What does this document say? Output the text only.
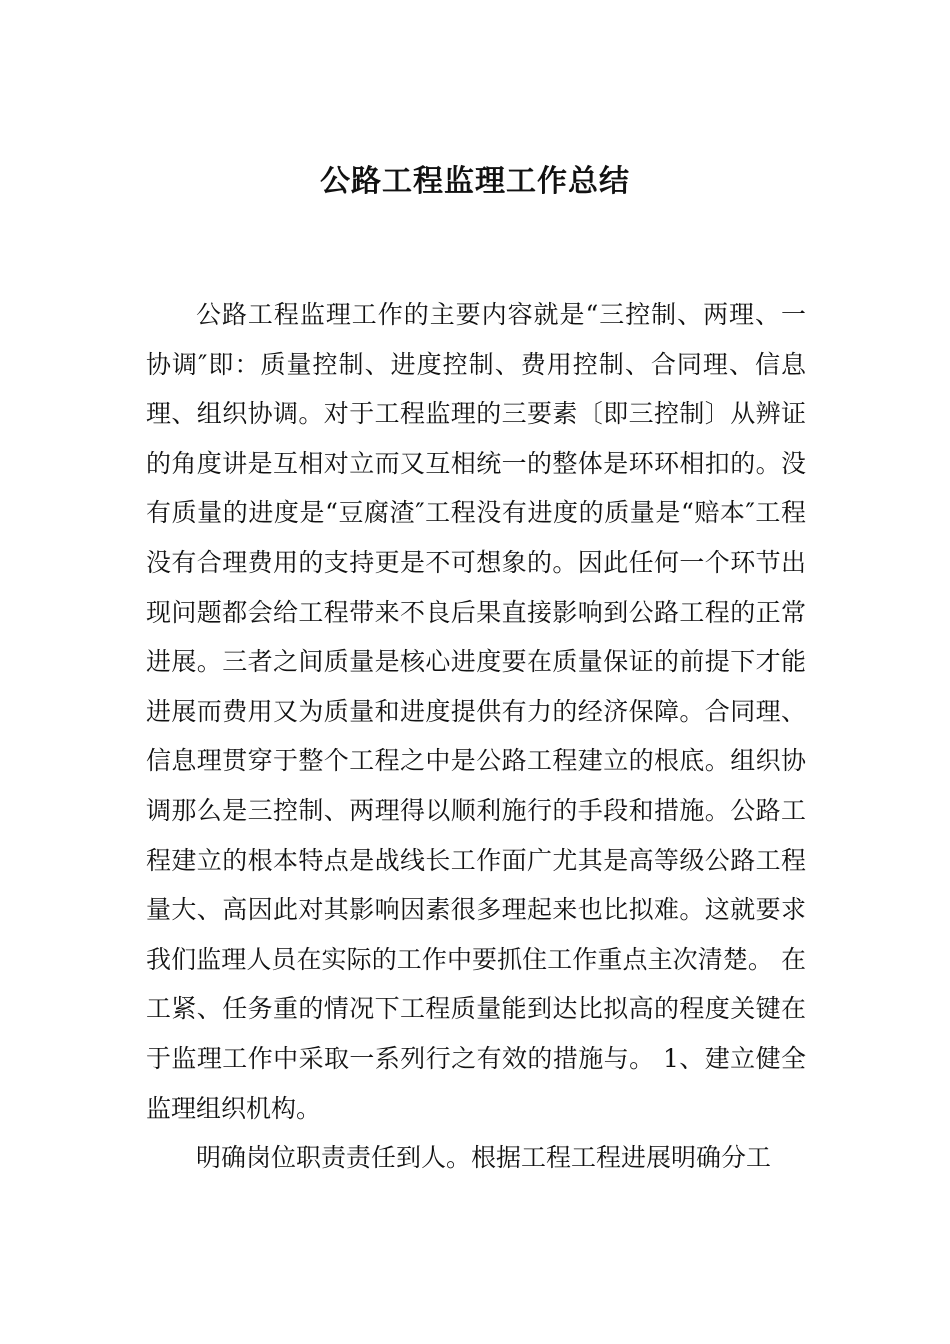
公路工程监理工作总结

公路工程监理工作的主要内容就是“三控制、两理、一协调″即：质量控制、进度控制、费用控制、合同理、信息理、组织协调。对于工程监理的三要素〔即三控制〕从辨证的角度讲是互相对立而又互相统一的整体是环环相扣的。没有质量的进度是“豆腐渣″工程没有进度的质量是“赔本″工程没有合理费用的支持更是不可想象的。因此任何一个环节出现问题都会给工程带来不良后果直接影响到公路工程的正常进展。三者之间质量是核心进度要在质量保证的前提下才能进展而费用又为质量和进度提供有力的经济保障。合同理、信息理贯穿于整个工程之中是公路工程建立的根底。组织协调那么是三控制、两理得以顺利施行的手段和措施。公路工程建立的根本特点是战线长工作面广尤其是高等级公路工程量大、高因此对其影响因素很多理起来也比拟难。这就要求我们监理人员在实际的工作中要抓住工作重点主次清楚。 在工紧、任务重的情况下工程质量能到达比拟高的程度关键在于监理工作中采取一系列行之有效的措施与。 1、建立健全监理组织机构。

明确岗位职责责任到人。根据工程工程进展明确分工
